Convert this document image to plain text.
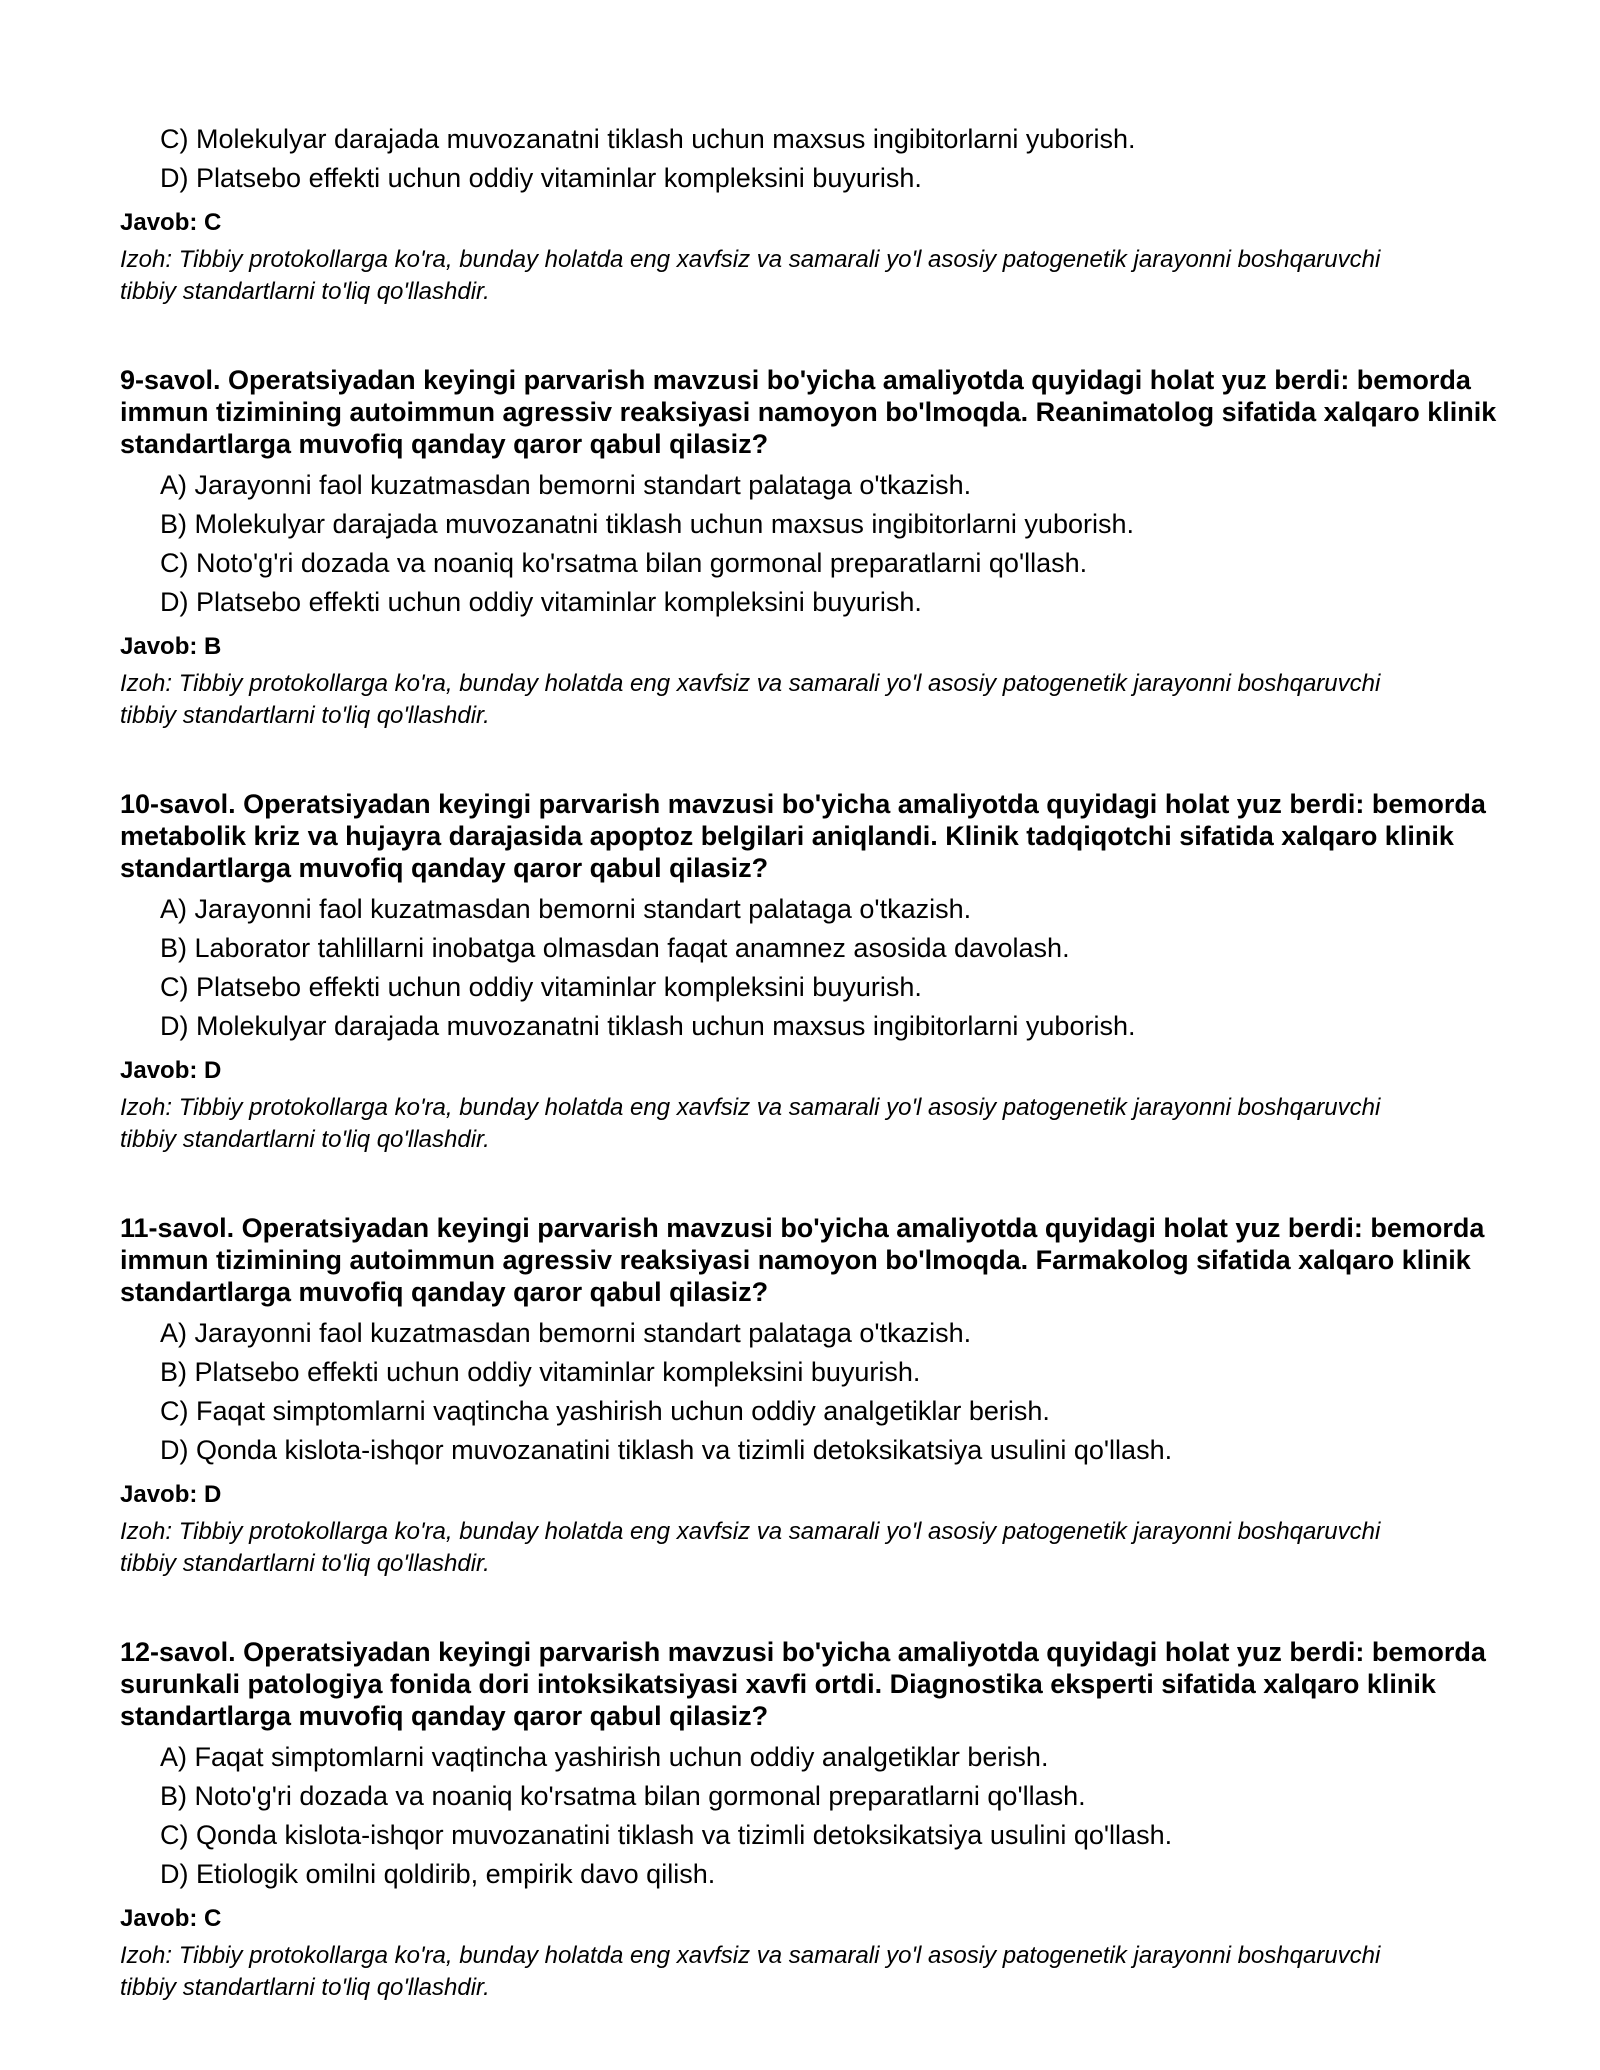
C) Molekulyar darajada muvozanatni tiklash uchun maxsus ingibitorlarni yuborish.

D) Platsebo effekti uchun oddiy vitaminlar kompleksini buyurish.

Javob: C

Izoh: Tibbiy protokollarga ko'ra, bunday holatda eng xavfsiz va samarali yo'l asosiy patogenetik jarayonni boshqaruvchi tibbiy standartlarni to'liq qo'llashdir.

9-savol. Operatsiyadan keyingi parvarish mavzusi bo'yicha amaliyotda quyidagi holat yuz berdi: bemorda immun tizimining autoimmun agressiv reaksiyasi namoyon bo'lmoqda. Reanimatolog sifatida xalqaro klinik standartlarga muvofiq qanday qaror qabul qilasiz?

A) Jarayonni faol kuzatmasdan bemorni standart palataga o'tkazish.

B) Molekulyar darajada muvozanatni tiklash uchun maxsus ingibitorlarni yuborish.

C) Noto'g'ri dozada va noaniq ko'rsatma bilan gormonal preparatlarni qo'llash.

D) Platsebo effekti uchun oddiy vitaminlar kompleksini buyurish.

Javob: B

Izoh: Tibbiy protokollarga ko'ra, bunday holatda eng xavfsiz va samarali yo'l asosiy patogenetik jarayonni boshqaruvchi tibbiy standartlarni to'liq qo'llashdir.

10-savol. Operatsiyadan keyingi parvarish mavzusi bo'yicha amaliyotda quyidagi holat yuz berdi: bemorda metabolik kriz va hujayra darajasida apoptoz belgilari aniqlandi. Klinik tadqiqotchi sifatida xalqaro klinik standartlarga muvofiq qanday qaror qabul qilasiz?

A) Jarayonni faol kuzatmasdan bemorni standart palataga o'tkazish.

B) Laborator tahlillarni inobatga olmasdan faqat anamnez asosida davolash.

C) Platsebo effekti uchun oddiy vitaminlar kompleksini buyurish.

D) Molekulyar darajada muvozanatni tiklash uchun maxsus ingibitorlarni yuborish.

Javob: D

Izoh: Tibbiy protokollarga ko'ra, bunday holatda eng xavfsiz va samarali yo'l asosiy patogenetik jarayonni boshqaruvchi tibbiy standartlarni to'liq qo'llashdir.

11-savol. Operatsiyadan keyingi parvarish mavzusi bo'yicha amaliyotda quyidagi holat yuz berdi: bemorda immun tizimining autoimmun agressiv reaksiyasi namoyon bo'lmoqda. Farmakolog sifatida xalqaro klinik standartlarga muvofiq qanday qaror qabul qilasiz?

A) Jarayonni faol kuzatmasdan bemorni standart palataga o'tkazish.

B) Platsebo effekti uchun oddiy vitaminlar kompleksini buyurish.

C) Faqat simptomlarni vaqtincha yashirish uchun oddiy analgetiklar berish.

D) Qonda kislota-ishqor muvozanatini tiklash va tizimli detoksikatsiya usulini qo'llash.

Javob: D

Izoh: Tibbiy protokollarga ko'ra, bunday holatda eng xavfsiz va samarali yo'l asosiy patogenetik jarayonni boshqaruvchi tibbiy standartlarni to'liq qo'llashdir.

12-savol. Operatsiyadan keyingi parvarish mavzusi bo'yicha amaliyotda quyidagi holat yuz berdi: bemorda surunkali patologiya fonida dori intoksikatsiyasi xavfi ortdi. Diagnostika eksperti sifatida xalqaro klinik standartlarga muvofiq qanday qaror qabul qilasiz?

A) Faqat simptomlarni vaqtincha yashirish uchun oddiy analgetiklar berish.

B) Noto'g'ri dozada va noaniq ko'rsatma bilan gormonal preparatlarni qo'llash.

C) Qonda kislota-ishqor muvozanatini tiklash va tizimli detoksikatsiya usulini qo'llash.

D) Etiologik omilni qoldirib, empirik davo qilish.

Javob: C

Izoh: Tibbiy protokollarga ko'ra, bunday holatda eng xavfsiz va samarali yo'l asosiy patogenetik jarayonni boshqaruvchi tibbiy standartlarni to'liq qo'llashdir.
